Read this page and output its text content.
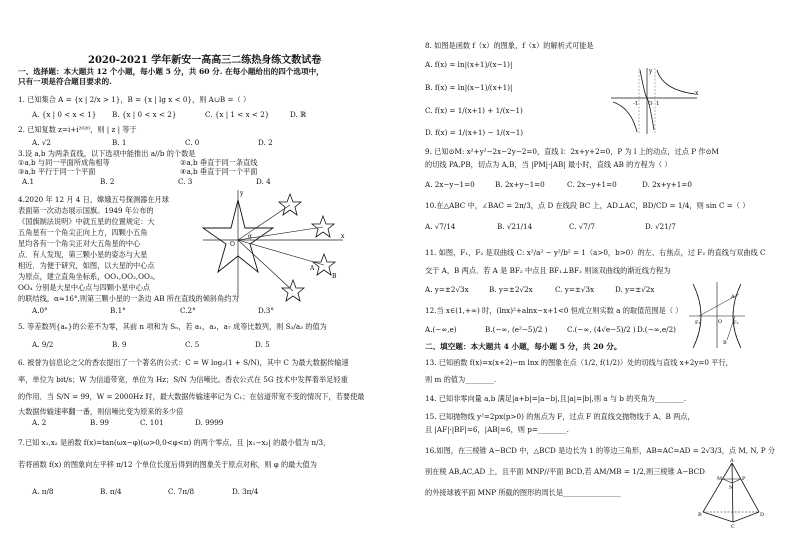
2020-2021 学年新安一高高三二练热身练文数试卷
一、选择题：本大题共 12 个小题，每小题 5 分，共 60 分. 在每小题给出的四个选项中，
只有一项是符合题目要求的.
1. 已知集合 A = {x | 2/x > 1}，B = {x | lg x < 0}，则 A∪B =（ ）
A. {x | 0 < x < 1} B. {x | 0 < x < 2}	C. {x | 1 < x < 2}	D. ℝ
2. 已知复数 z=i+i²⁰²⁰，则 | z | 等于
A. √2	B. 1	C. 0	D. 2
3.设 a,b 为两条直线，以下选项中能推出 a//b 的个数是
①a,b 与同一平面所成角相等	②a,b 垂直于同一条直线
③a,b 平行于同一个平面	④a,b 垂直于同一个平面
A.1	B. 2	C. 3	D. 4
4.2020 年 12 月 4 日，嫦娥五号探测器在月球
表面第一次动态展示国旗。1949 年公布的
《国旗制法说明》中就五星的位置规定：大
五角星有一个角尖正向上方，四颗小五角
星均各有一个角尖正对大五角星的中心
点．有人发现，第三颗小星的姿态与大星
相近．为便于研究，如图，以大星的中心点
为原点，建立直角坐标系，OO₁,OO₂,OO₃,
OO₄ 分别是大星中心点与四颗小星中心点
的联结线，α≈16°,则第三颗小星的一条边 AB 所在直线的倾斜角约为
A.0°	B.1°	C.2°	D.3°
O
A
B
x
y
α
5. 等差数列{aₙ}的公差不为零，其前 n 项和为 Sₙ，若 a₁，a₃，a₇ 成等比数列，则 S₃/a₃ 的值为
A. 9/2	B. 9	C. 5	D. 5
6. 被誉为信息论之父的香农提出了一个著名的公式：C = W log₂(1 + S/N)，其中 C 为最大数据传输速
率，单位为 bit/s；W 为信道带宽，单位为 Hz；S/N 为信噪比。香农公式在 5G 技术中发挥着举足轻重
的作用．当 S/N = 99，W = 2000Hz 时，最大数据传输速率记为 C₁；在信道带宽不变的情况下，若要使最
大数据传输速率翻一番，则信噪比变为原来的多少倍
A. 2	B. 99	C. 101	D. 9999
7.已知 x₁,x₂ 是函数 f(x)=tan(ωx−φ)(ω>0,0<φ<π) 的两个零点，且 |x₁−x₂| 的最小值为 π/3，
若将函数 f(x) 的图象向左平移 π/12 个单位长度后得到的图象关于原点对称，则 φ 的最大值为
A. π/8	B. π/4	C. 7π/8	D. 3π/4
8. 如图是函数 f（x）的图象，f（x）的解析式可能是
A. f(x) = ln|(x+1)/(x−1)|
B. f(x) = ln|(x−1)/(x+1)|
C. f(x) = 1/(x+1) + 1/(x−1)
D. f(x) = 1/(x+1) − 1/(x−1)
x
y
O
-1	1
9. 已知⊙M: x²+y²−2x−2y−2=0，直线 l：2x+y+2=0，P 为 l 上的动点，过点 P 作⊙M
的切线 PA,PB，切点为 A,B，当 |PM|·|AB| 最小时，直线 AB 的方程为（ ）
A. 2x−y−1=0	B. 2x+y−1=0	C. 2x−y+1=0	D. 2x+y+1=0
10.在△ABC 中，∠BAC = 2π/3，点 D 在线段 BC 上，AD⊥AC，BD/CD = 1/4，则 sin C =（ ）
A. √7/14	B. √21/14	C. √7/7	D. √21/7
11. 如图，F₁，F₂ 是双曲线 C: x²/a² − y²/b² = 1（a>0，b>0）的左、右焦点，过 F₂ 的直线与双曲线 C
交于 A，B 两点．若 A 是 BF₂ 中点且 BF₁⊥BF₂ 则该双曲线的渐近线方程为
A. y=±2√3x	B. y=±2√2x	C. y=±√3x	D. y=±√2x
F₁	F₂
A
B
O
12.当 x∈(1,+∞) 时，(lnx)²+alnx−x+1<0 恒成立则实数 a 的取值范围是（ ）
A.(−∞,e)	B.(−∞, (e²−5)/2 )	C.(−∞, (4√e−5)/2 ) D.(−∞,e/2)
二、填空题：本大题共 4 小题，每小题 5 分，共 20 分。
13. 已知函数 f(x)=x(x+2)−m lnx 的图象在点（1/2, f(1/2)）处的切线与直线 x+2y=0 平行，
则 m 的值为________.
14. 已知非零向量 a,b 满足|a+b|=|a−b|,且|a|=|b|,则 a 与 b 的夹角为________.
15. 已知抛物线 y²=2px(p>0) 的焦点为 F，过点 F 的直线交抛物线于 A、B 两点，
且 |AF|·|BF|=6，|AB|=6，则 p=________.
16.如图，在三棱锥 A−BCD 中，△BCD 是边长为 1 的等边三角形，AB=AC=AD = 2√3/3，点 M, N, P 分
别在棱 AB,AC,AD 上，且平面 MNP//平面 BCD,若 AM/MB = 1/2,则三棱锥 A−BCD
的外接球被平面 MNP 所截的图形的周长是________________
A
B
C
D
M
N
P
